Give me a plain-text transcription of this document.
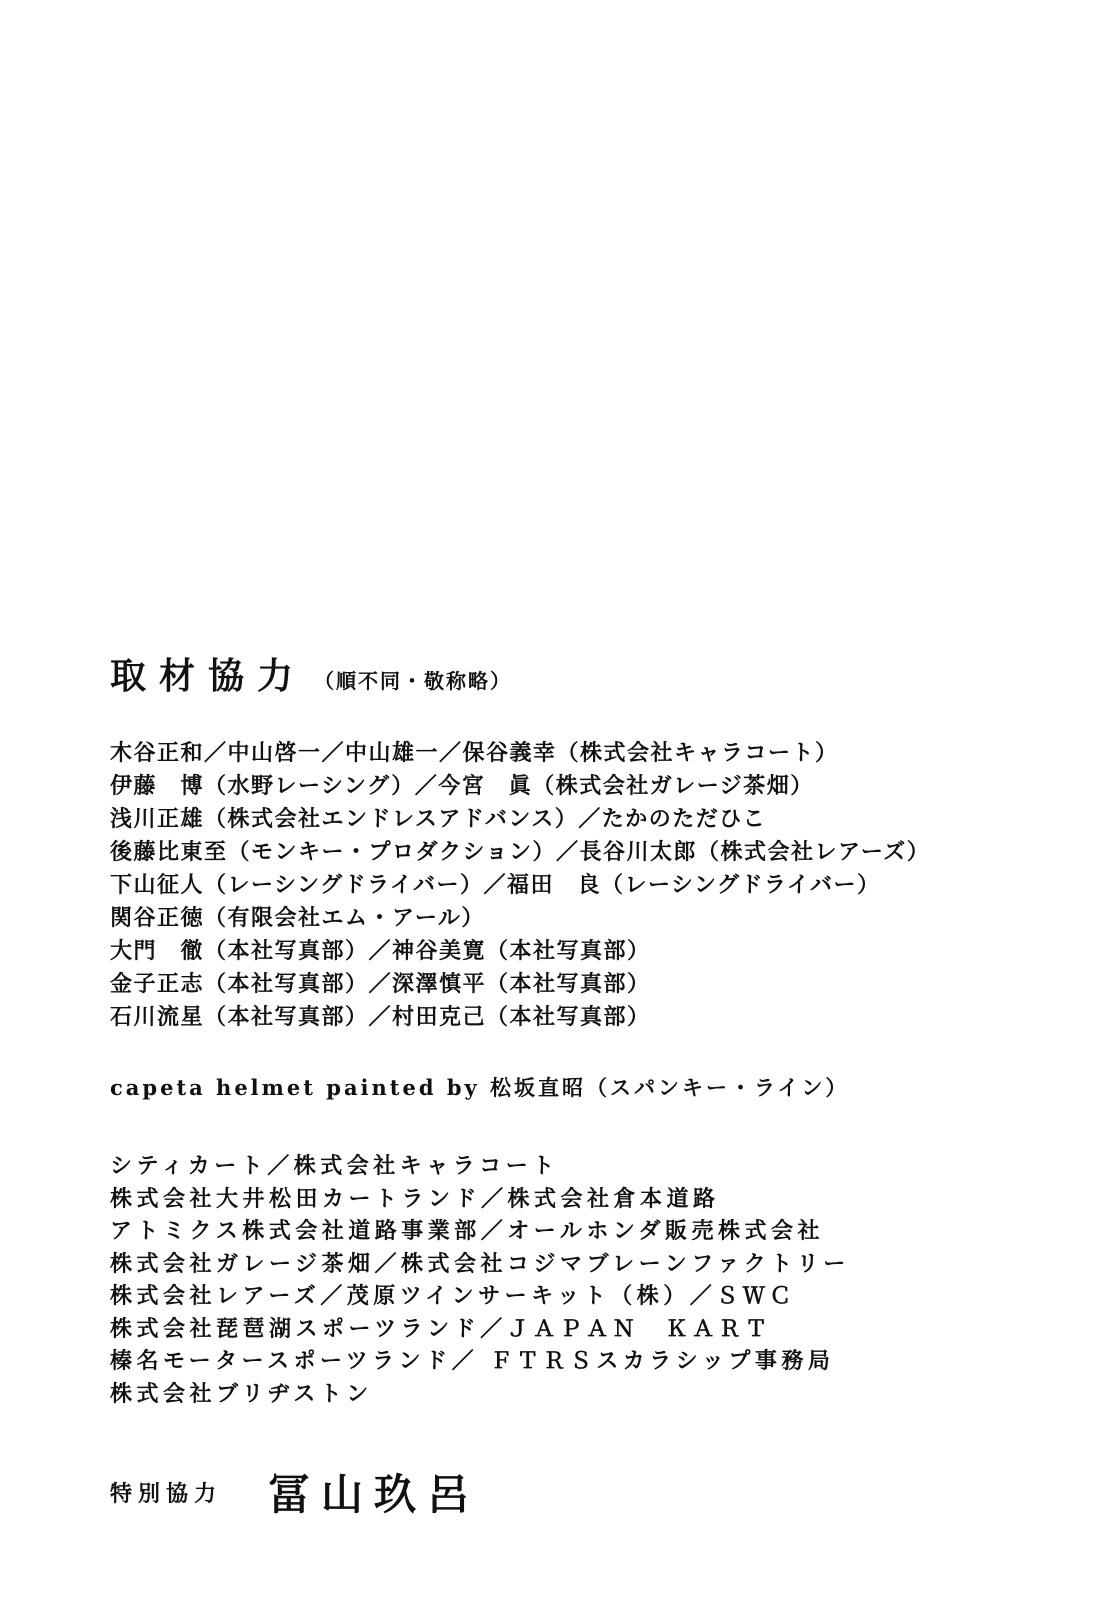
取材協力 （順不同・敬称略）
木谷正和／中山啓一／中山雄一／保谷義幸（株式会社キャラコート）
伊藤　博（水野レーシング）／今宮　眞（株式会社ガレージ茶畑）
浅川正雄（株式会社エンドレスアドバンス）／たかのただひこ
後藤比東至（モンキー・プロダクション）／長谷川太郎（株式会社レアーズ）
下山征人（レーシングドライバー）／福田　良（レーシングドライバー）
関谷正徳（有限会社エム・アール）
大門　徹（本社写真部）／神谷美寛（本社写真部）
金子正志（本社写真部）／深澤慎平（本社写真部）
石川流星（本社写真部）／村田克己（本社写真部）
capeta helmet painted by 松坂直昭（スパンキー・ライン）
シティカート／株式会社キャラコート
株式会社大井松田カートランド／株式会社倉本道路
アトミクス株式会社道路事業部／オールホンダ販売株式会社
株式会社ガレージ茶畑／株式会社コジマブレーンファクトリー
株式会社レアーズ／茂原ツインサーキット（株）／ＳＷＣ
株式会社琵琶湖スポーツランド／ＪＡＰＡＮ　ＫＡＲＴ
榛名モータースポーツランド／ ＦＴＲＳスカラシップ事務局
株式会社ブリヂストン
特別協力 冨山玖呂
